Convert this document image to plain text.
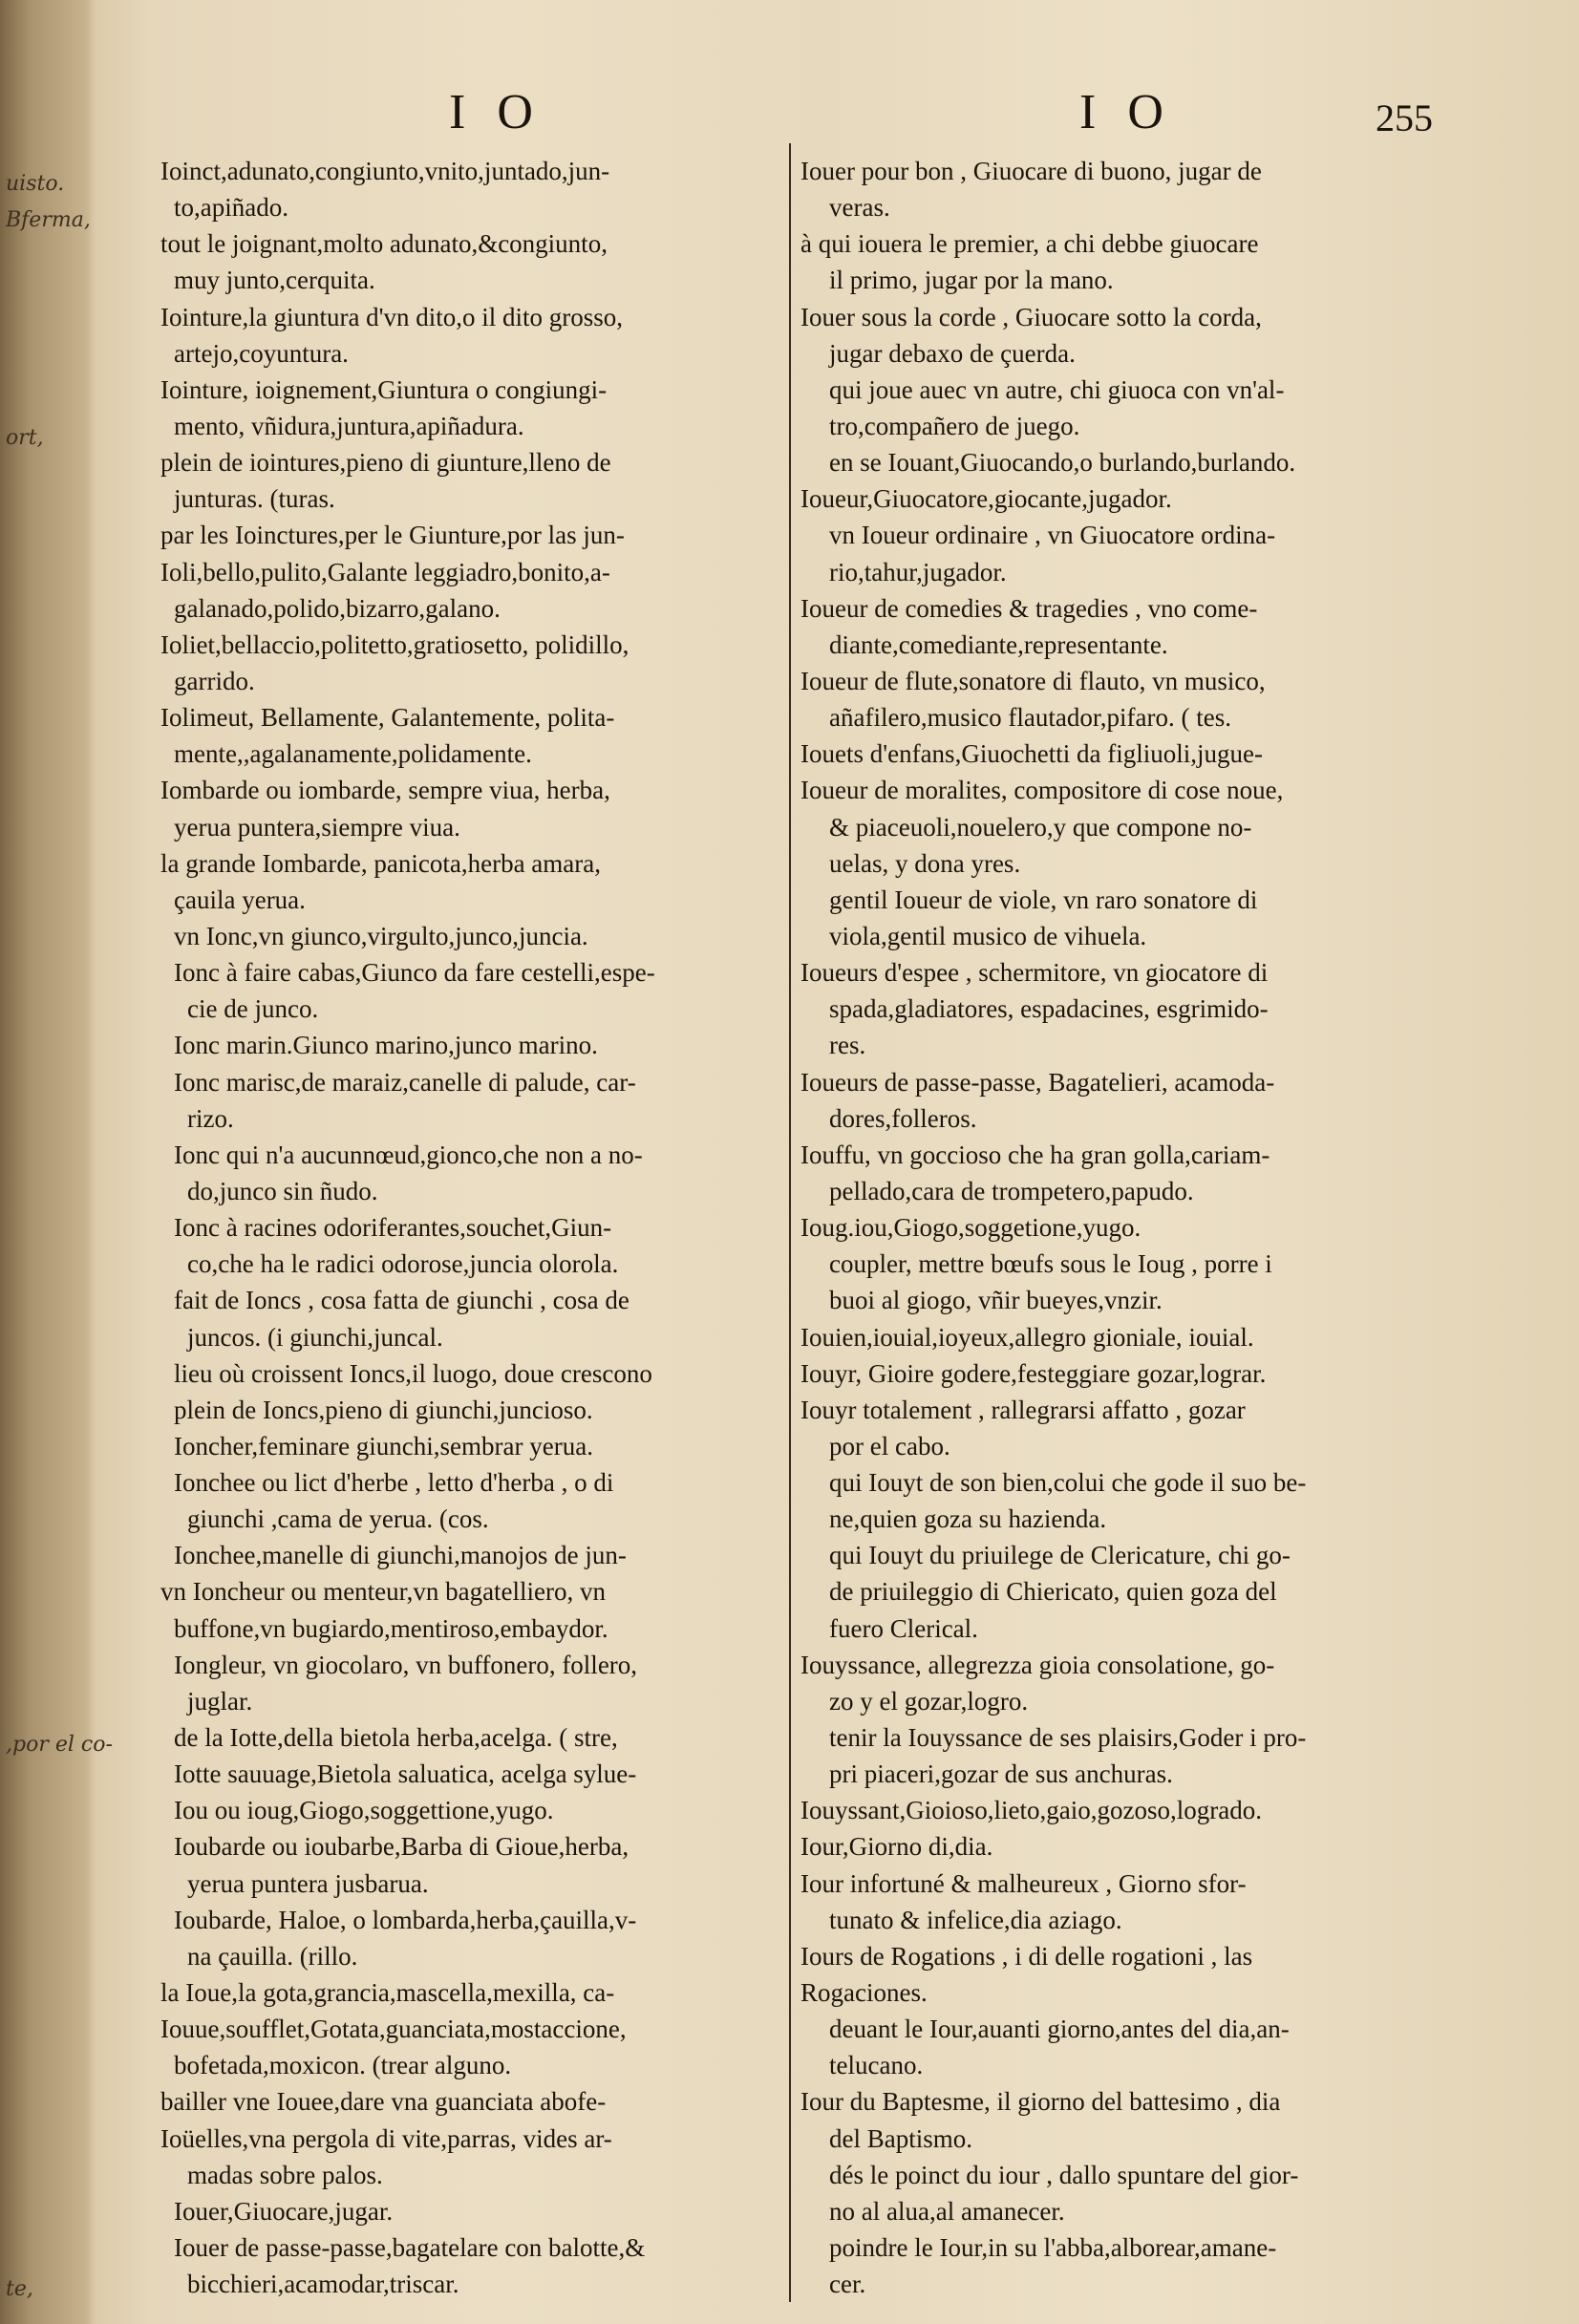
uisto.
Bferma,
ort,
,por el co-
te,
I O	I O	255
Ioinct,adunato,congiunto,vnito,juntado,jun-
to,apiñado.
tout le joignant,molto adunato,&congiunto,
muy junto,cerquita.
Iointure,la giuntura d'vn dito,o il dito grosso,
artejo,coyuntura.
Iointure, ioignement,Giuntura o congiungi-
mento, vñidura,juntura,apiñadura.
plein de iointures,pieno di giunture,lleno de
junturas. (turas.
par les Ioinctures,per le Giunture,por las jun-
Ioli,bello,pulito,Galante leggiadro,bonito,a-
galanado,polido,bizarro,galano.
Ioliet,bellaccio,politetto,gratiosetto, polidillo,
garrido.
Iolimeut, Bellamente, Galantemente, polita-
mente,,agalanamente,polidamente.
Iombarde ou iombarde, sempre viua, herba,
yerua puntera,siempre viua.
la grande Iombarde, panicota,herba amara,
çauila yerua.
vn Ionc,vn giunco,virgulto,junco,juncia.
Ionc à faire cabas,Giunco da fare cestelli,espe-
cie de junco.
Ionc marin.Giunco marino,junco marino.
Ionc marisc,de maraiz,canelle di palude, car-
rizo.
Ionc qui n'a aucunnœud,gionco,che non a no-
do,junco sin ñudo.
Ionc à racines odoriferantes,souchet,Giun-
co,che ha le radici odorose,juncia olorola.
fait de Ioncs , cosa fatta de giunchi , cosa de
juncos. (i giunchi,juncal.
lieu où croissent Ioncs,il luogo, doue crescono
plein de Ioncs,pieno di giunchi,junciosо.
Ioncher,feminare giunchi,sembrar yerua.
Ionchee ou lict d'herbe , letto d'herba , o di
giunchi ,cama de yerua. (cos.
Ionchee,manelle di giunchi,manojos de jun-
vn Ioncheur ou menteur,vn bagatelliero, vn
buffone,vn bugiardo,mentiroso,embaydor.
Iongleur, vn giocolaro, vn buffonero, follero,
juglar.
de la Iotte,della bietola herba,acelga. ( stre,
Iotte sauuage,Bietola saluatica, acelga sylue-
Iou ou ioug,Giogo,soggettione,yugo.
Ioubarde ou ioubarbe,Barba di Gioue,herba,
yerua puntera jusbarua.
Ioubarde, Haloe, o lombarda,herba,çauilla,v-
na çauilla. (rillo.
la Ioue,la gota,grancia,mascella,mexilla, ca-
Iouue,soufflet,Gotata,guanciata,mostaccione,
bofetada,moxicon. (trear alguno.
bailler vne Iouee,dare vna guanciata abofe-
Ioüelles,vna pergola di vite,parras, vides ar-
madas sobre palos.
Iouer,Giuocare,jugar.
Iouer de passe-passe,bagatelare con balotte,&
bicchieri,acamodar,triscar.
Iouer pour bon , Giuocare di buono, jugar de
veras.
à qui iouera le premier, a chi debbe giuocare
il primo, jugar por la mano.
Iouer sous la corde , Giuocare sotto la corda,
jugar debaxo de çuerda.
qui joue auec vn autre, chi giuoca con vn'al-
tro,compañero de juego.
en se Iouant,Giuocando,o burlando,burlando.
Ioueur,Giuocatore,giocante,jugador.
vn Ioueur ordinaire , vn Giuocatore ordina-
rio,tahur,jugador.
Ioueur de comedies & tragedies , vno come-
diante,comediante,representante.
Ioueur de flute,sonatore di flauto, vn musico,
añafilero,musico flautador,pifaro. ( tes.
Iouets d'enfans,Giuochetti da figliuoli,jugue-
Ioueur de moralites, compositore di cose noue,
& piaceuoli,nouelero,y que compone no-
uelas, y dona yres.
gentil Ioueur de violе, vn raro sonatore di
viola,gentil musico de vihuela.
Ioueurs d'espee , schermitore, vn giocatore di
spada,gladiatores, espadacines, esgrimido-
res.
Ioueurs de passe-passe, Bagatelieri, acamoda-
dores,folleros.
Iouffu, vn gocciosо che ha gran golla,cariam-
pellado,cara de trompetero,papudo.
Ioug.iou,Giogo,soggetione,yugo.
coupler, mettre bœufs sous le Ioug , porre i
buoi al giogo, vñir bueyes,vnzir.
Iouien,iouial,ioyeux,allegro gioniale, iouial.
Iouyr, Gioire godere,festeggiare gozar,lograr.
Iouyr totalement , rallegrarsi affatto , gozar
por el cabo.
qui Iouyt de son bien,colui che gode il suo be-
ne,quien goza su hazienda.
qui Iouyt du priuilege de Clericature, chi go-
de priuileggio di Chiericato, quien goza del
fuero Clerical.
Iouyssance, allegrezza gioia consolatione, go-
zo y el gozar,logro.
tenir la Iouyssance de ses plaisirs,Goder i pro-
pri piaceri,gozar de sus anchuras.
Iouyssant,Gioioso,lieto,gaio,gozoso,logrado.
Iour,Giorno di,dia.
Iour infortuné & malheureux , Giorno sfor-
tunato & infelice,dia aziago.
Iours de Rogations , i di delle rogationi , las
Rogaciones.
deuant le Iour,auanti giorno,antes del dia,an-
telucano.
Iour du Baptesme, il giorno del battesimo , dia
del Baptismo.
dés le poinct du iour , dallo spuntare del gior-
no al alua,al amanecer.
poindre le Iour,in su l'abba,alborear,amane-
cer.
